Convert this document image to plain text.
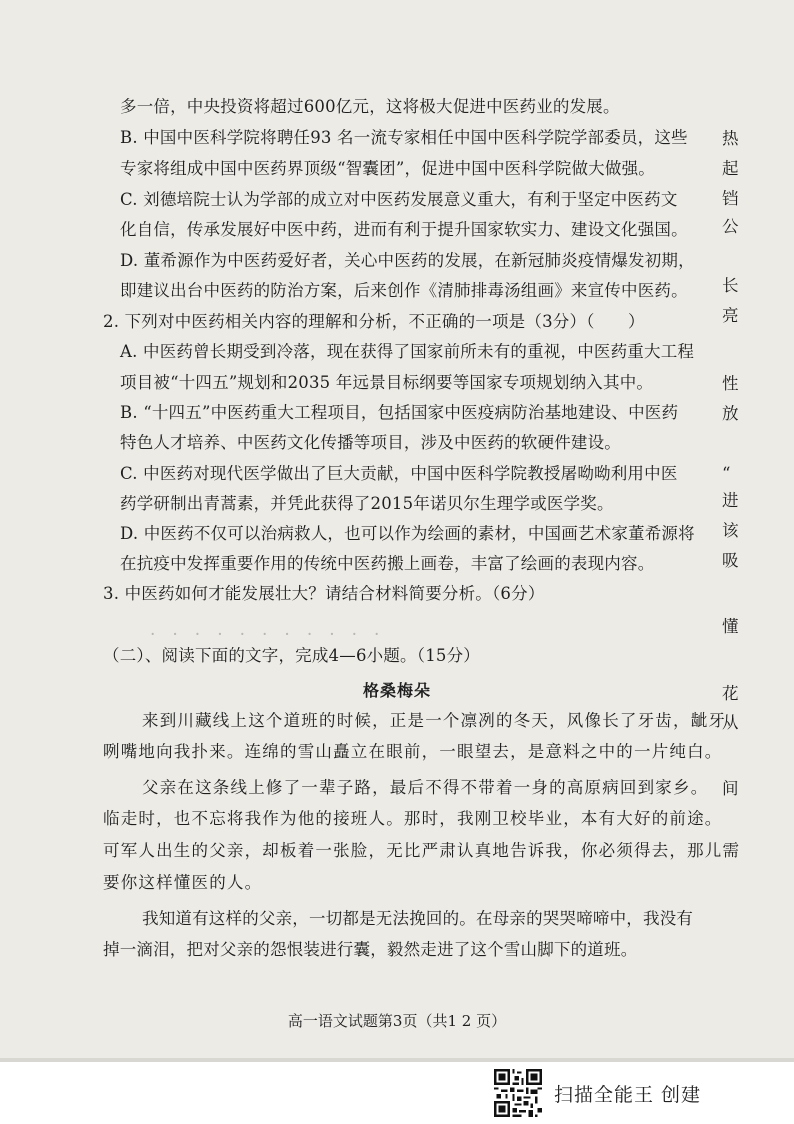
·　·　·　·　·　·　·　·　·　·　·
热
起
铛
公
长
亮
性
放
“
进
该
吸
懂
花
从
间
多一倍，中央投资将超过600亿元，这将极大促进中医药业的发展。
B. 中国中医科学院将聘任93 名一流专家相任中国中医科学院学部委员，这些
专家将组成中国中医药界顶级“智囊团”，促进中国中医科学院做大做强。
C. 刘德培院士认为学部的成立对中医药发展意义重大，有利于坚定中医药文
化自信，传承发展好中医中药，进而有利于提升国家软实力、建设文化强国。
D. 董希源作为中医药爱好者，关心中医药的发展，在新冠肺炎疫情爆发初期，
即建议出台中医药的防治方案，后来创作《清肺排毒汤组画》来宣传中医药。
2. 下列对中医药相关内容的理解和分析，不正确的一项是（3分）（　　）
A. 中医药曾长期受到冷落，现在获得了国家前所未有的重视，中医药重大工程
项目被“十四五”规划和2035 年远景目标纲要等国家专项规划纳入其中。
B. “十四五”中医药重大工程项目，包括国家中医疫病防治基地建设、中医药
特色人才培养、中医药文化传播等项目，涉及中医药的软硬件建设。
C. 中医药对现代医学做出了巨大贡献，中国中医科学院教授屠呦呦利用中医
药学研制出青蒿素，并凭此获得了2015年诺贝尔生理学或医学奖。
D. 中医药不仅可以治病救人，也可以作为绘画的素材，中国画艺术家董希源将
在抗疫中发挥重要作用的传统中医药搬上画卷，丰富了绘画的表现内容。
3. 中医药如何才能发展壮大？请结合材料简要分析。（6分）
（二）、阅读下面的文字，完成4—6小题。（15分）
格桑梅朵
来到川藏线上这个道班的时候，正是一个凛冽的冬天，风像长了牙齿，龇牙
咧嘴地向我扑来。连绵的雪山矗立在眼前，一眼望去，是意料之中的一片纯白。
父亲在这条线上修了一辈子路，最后不得不带着一身的高原病回到家乡。
临走时，也不忘将我作为他的接班人。那时，我刚卫校毕业，本有大好的前途。
可军人出生的父亲，却板着一张脸，无比严肃认真地告诉我，你必须得去，那儿需
要你这样懂医的人。
我知道有这样的父亲，一切都是无法挽回的。在母亲的哭哭啼啼中，我没有
掉一滴泪，把对父亲的怨恨装进行囊，毅然走进了这个雪山脚下的道班。
高一语文试题第3页（共1 2 页）
扫描全能王 创建
